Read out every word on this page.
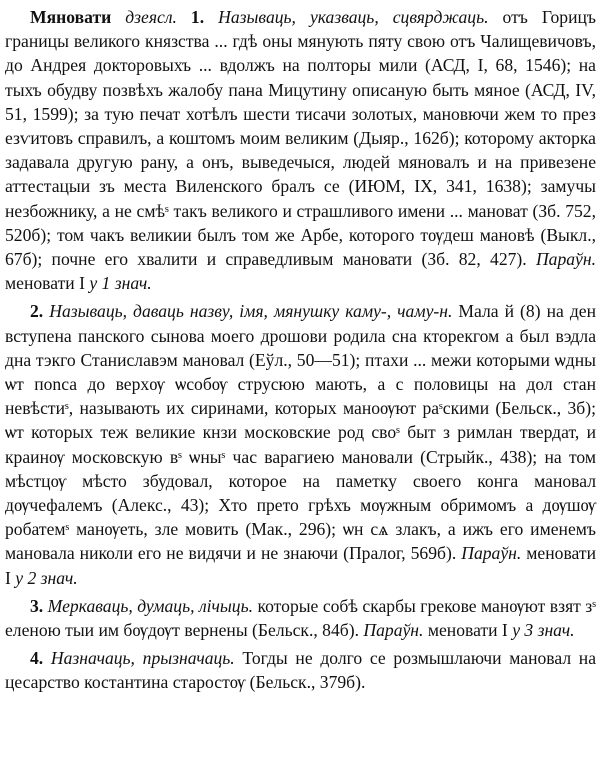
Мяновати дзеясл. 1. Называць, указваць, сцвярджаць. отъ Горицъ границы великого князства ... гдѣ оны мянують пяту свою отъ Чалищевичовъ, до Андрея докторовыхъ ... вдолжъ на полторы мили (АСД, I, 68, 1546); на тыхъ обудву позвѣхъ жалобу пана Мицутину описаную быть мяное (АСД, IV, 51, 1599); за тую печат хотѣлъ шести тисачи золотых, мановючи жем то през езѵитовъ справилъ, а коштомъ моим великим (Дыяр., 162б); которому акторка задавала другую рану, а онъ, выведечыся, людей мяновалъ и на привезене аттестацыи зъ места Виленского бралъ се (ИЮМ, IX, 341, 1638); замучы незбожнику, а не смѣˢ такъ великого и страшливого имени ... мановат (Зб. 752, 520б); том чакъ великии былъ том же Арбе, которого тѹдеш мановѣ (Выкл., 67б); почне его хвалити и справедливым мановати (Зб. 82, 427). Параўн. меновати I у 1 знач.

2. Называць, даваць назву, імя, мянушку каму-, чаму-н. Мала й (8) на ден вступена панского сынова моего дрошови родила сна кторекгом а был вэдла дна тэкго Станиславэм манoвал (Еўл., 50—51); птахи ... межи которыми ѡдны ѡт поnса до верхѹ ѡсобѹ струсюю мають, а с половицы на дол стан невѣстиˢ, называють их сиринами, которых маноѹют раˢскими (Бельск., 3б); ѡт которых теж великие кнзи московские род своˢ быт з римлан твердат, и краинѹ московскую вˢ ѡныˢ час варагиею мановали (Стрыйк., 438); на том мѣстцѹ мѣсто збудовал, которое на пaметку своего конга мановал дѹчефалемъ (Алекс., 43); Хто прето грѣхъ мѹжным обримомъ а дѹшѹ робатемˢ манѹеть, зле мовить (Мак., 296); ѡн сѧ злакъ, а ижъ его именемъ манoвала николи его не видячи и не знаючи (Пралог, 569б). Параўн. меновати I у 2 знач.

3. Меркаваць, думаць, лічыць. которые собѣ скарбы грекове манѹют взят зˢ еленою тыи им бѹдѹт вернены (Бельск., 84б). Параўн. меновати I у 3 знач.

4. Назначаць, прызначаць. Тогды не долго се розмышлаючи мановал на цесарство костантина старостѹ (Бельск., 379б).
